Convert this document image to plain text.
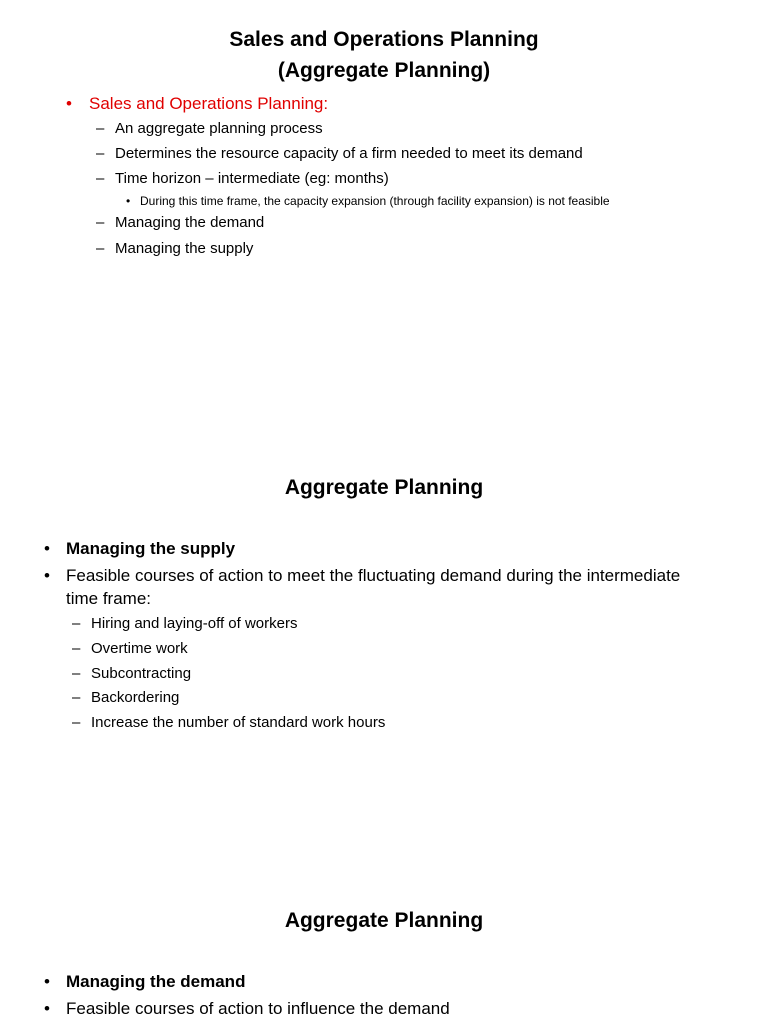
Sales and Operations Planning
(Aggregate Planning)
• Sales and Operations Planning:
– An aggregate planning process
– Determines the resource capacity of a firm needed to meet its demand
– Time horizon – intermediate (eg: months)
• During this time frame, the capacity expansion (through facility expansion) is not feasible
– Managing the demand
– Managing the supply
Aggregate Planning
• Managing the supply
• Feasible courses of action to meet the fluctuating demand during the intermediate
time frame:
– Hiring and laying-off of workers
– Overtime work
– Subcontracting
– Backordering
– Increase the number of standard work hours
Aggregate Planning
• Managing the demand
• Feasible courses of action to influence the demand
